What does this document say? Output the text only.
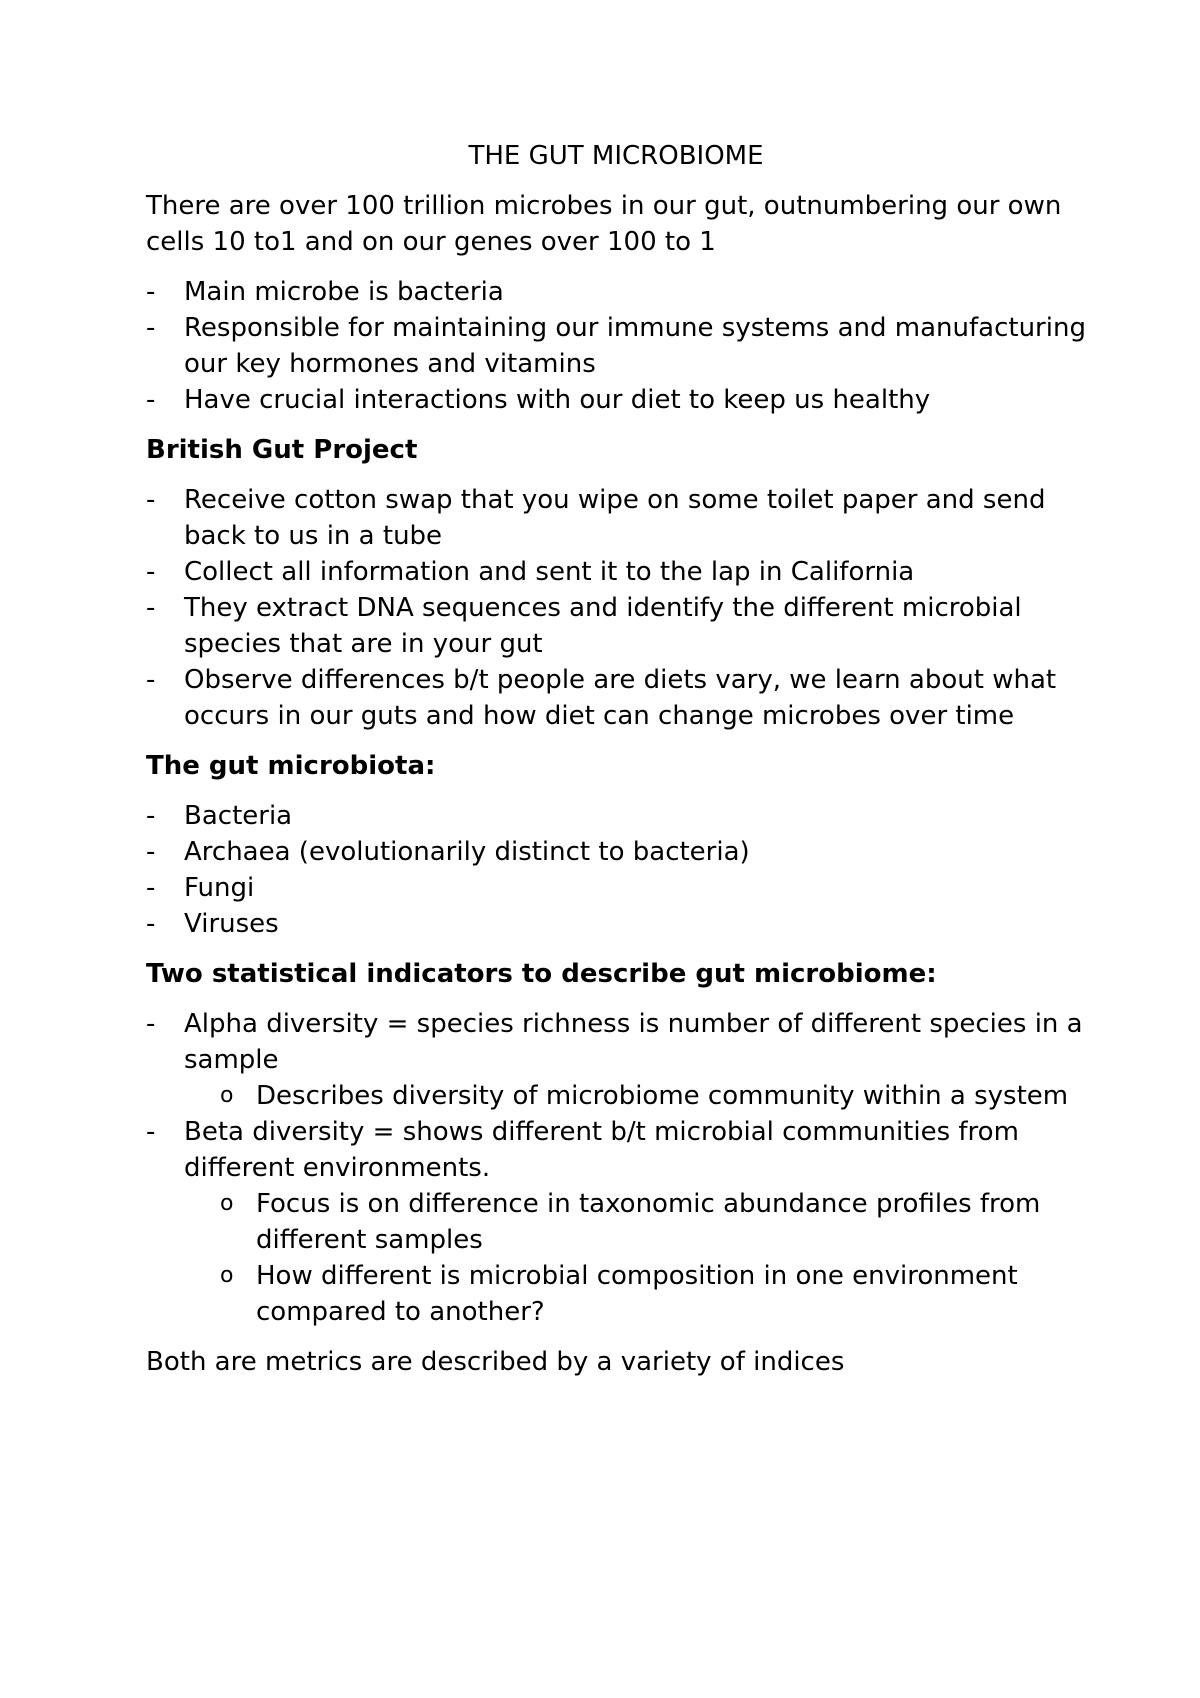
THE GUT MICROBIOME
There are over 100 trillion microbes in our gut, outnumbering our own cells 10 to1 and on our genes over 100 to 1
-	Main microbe is bacteria
-	Responsible for maintaining our immune systems and manufacturing our key hormones and vitamins
-	Have crucial interactions with our diet to keep us healthy
British Gut Project
-	Receive cotton swap that you wipe on some toilet paper and send back to us in a tube
-	Collect all information and sent it to the lap in California
-	They extract DNA sequences and identify the different microbial species that are in your gut
-	Observe differences b/t people are diets vary, we learn about what occurs in our guts and how diet can change microbes over time
The gut microbiota:
-	Bacteria
-	Archaea (evolutionarily distinct to bacteria)
-	Fungi
-	Viruses
Two statistical indicators to describe gut microbiome:
-	Alpha diversity = species richness is number of different species in a sample
o Describes diversity of microbiome community within a system
-	Beta diversity = shows different b/t microbial communities from different environments.
o Focus is on difference in taxonomic abundance profiles from different samples
o How different is microbial composition in one environment compared to another?
Both are metrics are described by a variety of indices
